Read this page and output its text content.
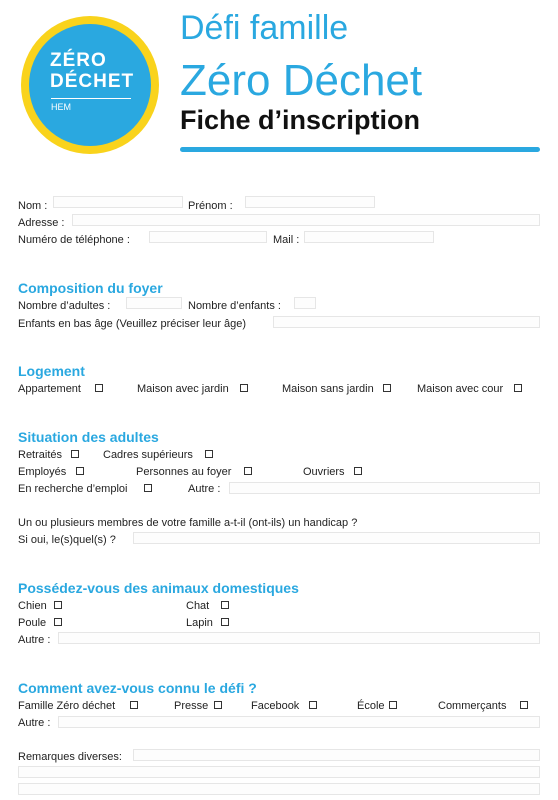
ZÉRO
DÉCHET
HEM
Défi famille
Zéro Déchet
Fiche d’inscription
Nom :	Prénom :
Adresse :
Numéro de téléphone :	Mail :
Composition du foyer
Nombre d’adultes :	Nombre d’enfants :
Enfants en bas âge (Veuillez préciser leur âge)
Logement
Appartement	Maison avec jardin	Maison sans jardin	Maison avec cour
Situation des adultes
Retraités	Cadres supérieurs
Employés	Personnes au foyer	Ouvriers
En recherche d’emploi	Autre :
Un ou plusieurs membres de votre famille a-t-il (ont-ils) un handicap ?
Si oui, le(s)quel(s) ?
Possédez-vous des animaux domestiques
Chien	Chat
Poule	Lapin
Autre :
Comment avez-vous connu le défi ?
Famille Zéro déchet	Presse	Facebook	École	Commerçants
Autre :
Remarques diverses:
